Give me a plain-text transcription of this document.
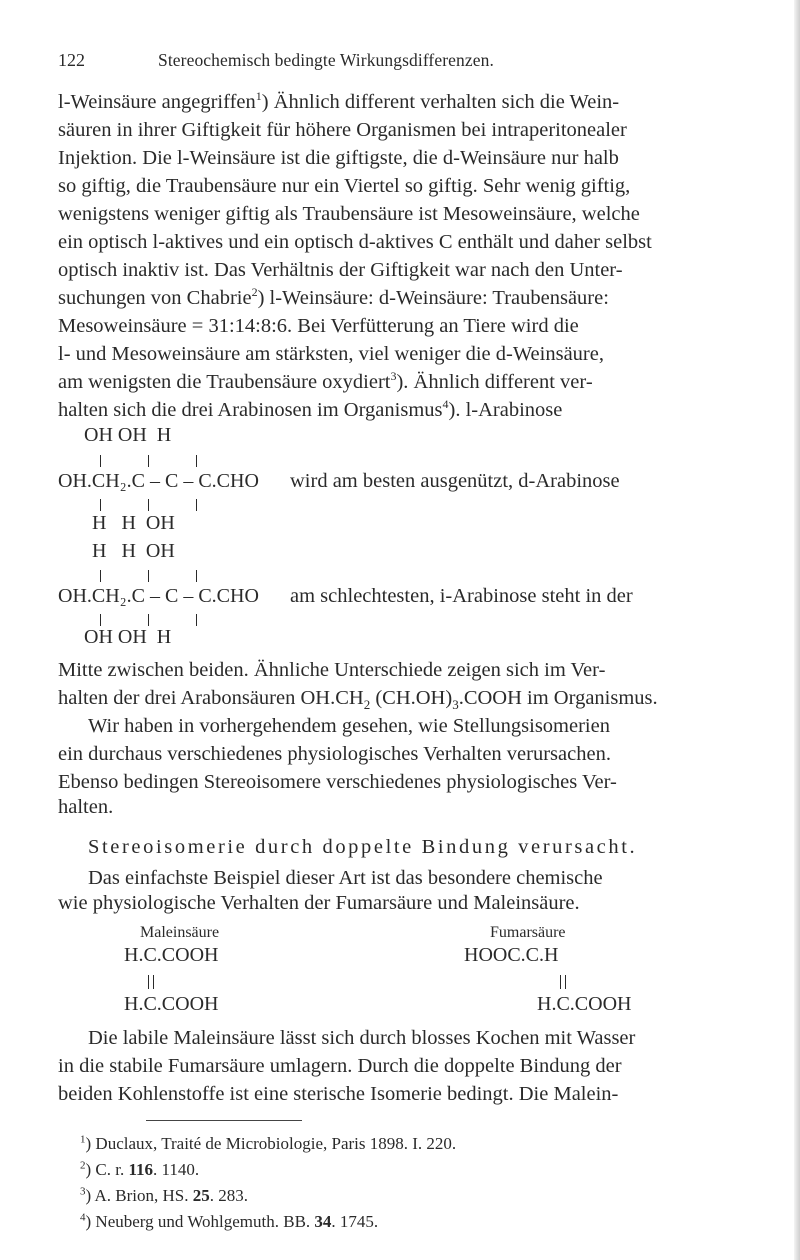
122	Stereochemisch bedingte Wirkungsdifferenzen.

l-Weinsäure angegriffen$^1$) Ähnlich different verhalten sich die Wein-

säuren in ihrer Giftigkeit für höhere Organismen bei intraperitonealer

Injektion. Die l-Weinsäure ist die giftigste, die d-Weinsäure nur halb

so giftig, die Traubensäure nur ein Viertel so giftig. Sehr wenig giftig,

wenigstens weniger giftig als Traubensäure ist Mesoweinsäure, welche

ein optisch l-aktives und ein optisch d-aktives C enthält und daher selbst

optisch inaktiv ist. Das Verhältnis der Giftigkeit war nach den Unter-

suchungen von Chabrie$^2$) l-Weinsäure: d-Weinsäure: Traubensäure:

Mesoweinsäure = 31:14:8:6. Bei Verfütterung an Tiere wird die

l- und Mesoweinsäure am stärksten, viel weniger die d-Weinsäure,

am wenigsten die Traubensäure oxydiert$^3$). Ähnlich different ver-

halten sich die drei Arabinosen im Organismus$^4$). l-Arabinose

OH OH  H
OH.CH₂.C – C – C.CHO wird am besten ausgenützt, d-Arabinose
H   H  OH
H   H  OH
OH.CH₂.C – C – C.CHO am schlechtesten, i-Arabinose steht in der
OH OH  H

Mitte zwischen beiden. Ähnliche Unterschiede zeigen sich im Ver-

halten der drei Arabonsäuren $OH.CH_2$ $(CH.OH)_3.COOH$ im Organismus.

Wir haben in vorhergehendem gesehen, wie Stellungsisomerien

ein durchaus verschiedenes physiologisches Verhalten verursachen.

Ebenso bedingen Stereoisomere verschiedenes physiologisches Ver-

halten.
Stereoisomerie durch doppelte Bindung verursacht.

Das einfachste Beispiel dieser Art ist das besondere chemische

wie physiologische Verhalten der Fumarsäure und Maleinsäure.
Maleinsäure
H.C.COOH
H.C.COOH
Fumarsäure
HOOC.C.H
H.C.COOH

Die labile Maleinsäure lässt sich durch blosses Kochen mit Wasser

in die stabile Fumarsäure umlagern. Durch die doppelte Bindung der

beiden Kohlenstoffe ist eine sterische Isomerie bedingt. Die Malein-

$^1$) Duclaux, Traité de Microbiologie, Paris 1898. I. 220.
$^2$) C. r. 116. 1140.
$^3$) A. Brion, HS. 25. 283.
$^4$) Neuberg und Wohlgemuth. BB. 34. 1745.
